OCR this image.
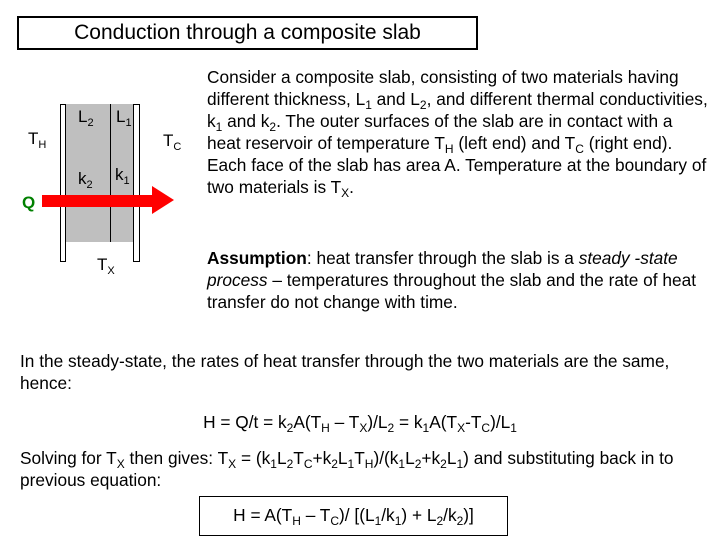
Conduction through a composite slab
$T_H$	$T_C$
$L_2$ $L_1$
$k_2$
$k_1$
Q
$T_X$
Consider a composite slab, consisting of two materials having different thickness, $L_1$ and $L_2$, and different thermal conductivities, $k_1$ and $k_2$. The outer surfaces of the slab are in contact with a heat reservoir of temperature $T_H$ (left end) and $T_C$ (right end). Each face of the slab has area A. Temperature at the boundary of two materials is $T_X$.
Assumption: heat transfer through the slab is a steady -state process – temperatures throughout the slab and the rate of heat transfer do not change with time.
In the steady-state, the rates of heat transfer through the two materials are the same, hence:
$H = Q/t = k_2A(T_H - T_X)/L_2 = k_1A(T_X-T_C)/L_1$
Solving for $T_X$ then gives: $T_X = (k_1L_2T_C+k_2L_1T_H)/(k_1L_2+k_2L_1)$ and substituting back in to previous equation:
$H = A(T_H - T_C)/$ $[(L_1/k_1) + L_2/k_2)$]
